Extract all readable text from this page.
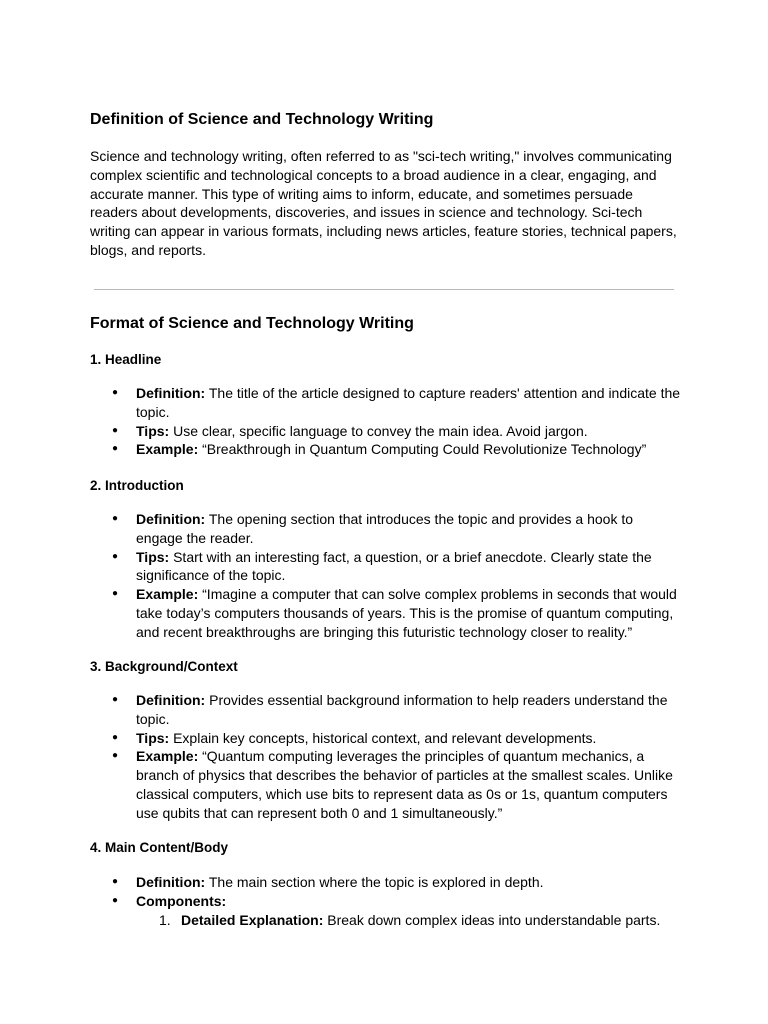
Definition of Science and Technology Writing

Science and technology writing, often referred to as "sci-tech writing," involves communicating complex scientific and technological concepts to a broad audience in a clear, engaging, and accurate manner. This type of writing aims to inform, educate, and sometimes persuade readers about developments, discoveries, and issues in science and technology. Sci-tech writing can appear in various formats, including news articles, feature stories, technical papers, blogs, and reports.

Format of Science and Technology Writing
1. Headline
● Definition: The title of the article designed to capture readers' attention and indicate the topic.
● Tips: Use clear, specific language to convey the main idea. Avoid jargon.
● Example: “Breakthrough in Quantum Computing Could Revolutionize Technology”
2. Introduction
● Definition: The opening section that introduces the topic and provides a hook to engage the reader.
● Tips: Start with an interesting fact, a question, or a brief anecdote. Clearly state the significance of the topic.
● Example: “Imagine a computer that can solve complex problems in seconds that would take today’s computers thousands of years. This is the promise of quantum computing, and recent breakthroughs are bringing this futuristic technology closer to reality.”
3. Background/Context
● Definition: Provides essential background information to help readers understand the topic.
● Tips: Explain key concepts, historical context, and relevant developments.
● Example: “Quantum computing leverages the principles of quantum mechanics, a branch of physics that describes the behavior of particles at the smallest scales. Unlike classical computers, which use bits to represent data as 0s or 1s, quantum computers use qubits that can represent both 0 and 1 simultaneously.”
4. Main Content/Body
● Definition: The main section where the topic is explored in depth.
● Components:
1. Detailed Explanation: Break down complex ideas into understandable parts.
